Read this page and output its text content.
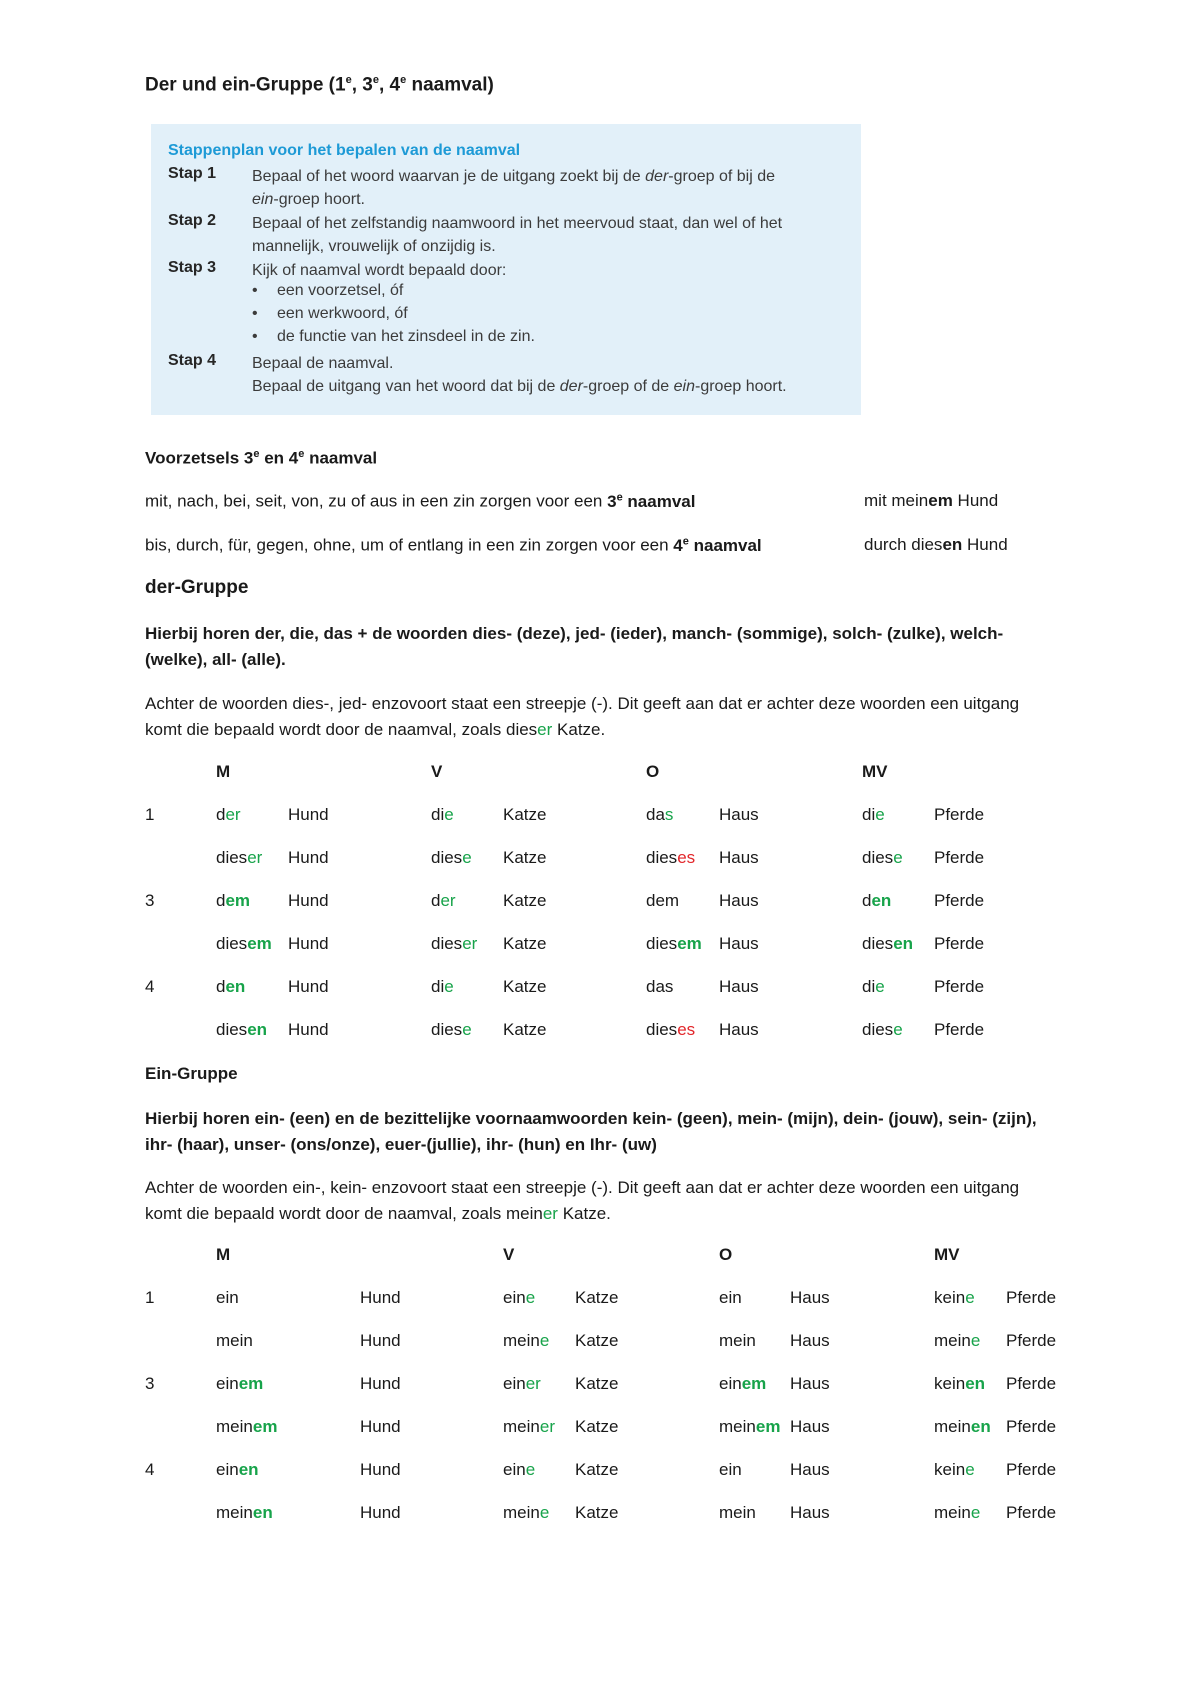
Der und ein-Gruppe (1e, 3e, 4e naamval)
Stappenplan voor het bepalen van de naamval
Stap 1	Bepaal of het woord waarvan je de uitgang zoekt bij de der-groep of bij de
ein-groep hoort.
Stap 2	Bepaal of het zelfstandig naamwoord in het meervoud staat, dan wel of het mannelijk, vrouwelijk of onzijdig is.
Stap 3	Kijk of naamval wordt bepaald door:
• een voorzetsel, óf
• een werkwoord, óf
• de functie van het zinsdeel in de zin.
Stap 4	Bepaal de naamval.
Bepaal de uitgang van het woord dat bij de der-groep of de ein-groep hoort.
Voorzetsels 3e en 4e naamval
mit, nach, bei, seit, von, zu of aus in een zin zorgen voor een 3e naamval	mit meinem Hund
bis, durch, für, gegen, ohne, um of entlang in een zin zorgen voor een 4e naamval	durch diesen Hund
der-Gruppe
Hierbij horen der, die, das + de woorden dies- (deze), jed- (ieder), manch- (sommige), solch- (zulke), welch- (welke), all- (alle).
Achter de woorden dies-, jed- enzovoort staat een streepje (-). Dit geeft aan dat er achter deze woorden een uitgang komt die bepaald wordt door de naamval, zoals dieser Katze.
M	V	O	MV
1	der	Hund	die	Katze	das	Haus	die	Pferde
dieser Hund	diese Katze	dieses Haus	diese Pferde
3	dem Hund	der	Katze	dem Haus	den	Pferde
diesem Hund	dieser Katze	diesem Haus	diesen Pferde
4	den	Hund	die	Katze	das	Haus	die	Pferde
diesen Hund	diese Katze	dieses Haus	diese Pferde
Ein-Gruppe
Hierbij horen ein- (een) en de bezittelijke voornaamwoorden kein- (geen), mein- (mijn), dein- (jouw), sein- (zijn), ihr- (haar), unser- (ons/onze), euer-(jullie), ihr- (hun) en Ihr- (uw)
Achter de woorden ein-, kein- enzovoort staat een streepje (-). Dit geeft aan dat er achter deze woorden een uitgang komt die bepaald wordt door de naamval, zoals meiner Katze.
M	V	O	MV
1	ein	Hund	eine Katze	ein	Haus	keine Pferde
mein	Hund	meine Katze	mein Haus	meine Pferde
3	einem	Hund	einer Katze	einem Haus	keinen Pferde
meinem	Hund	meiner Katze	meinem Haus	meinen Pferde
4	einen	Hund	eine Katze	ein	Haus	keine Pferde
meinen	Hund	meine Katze	mein Haus	meine Pferde
